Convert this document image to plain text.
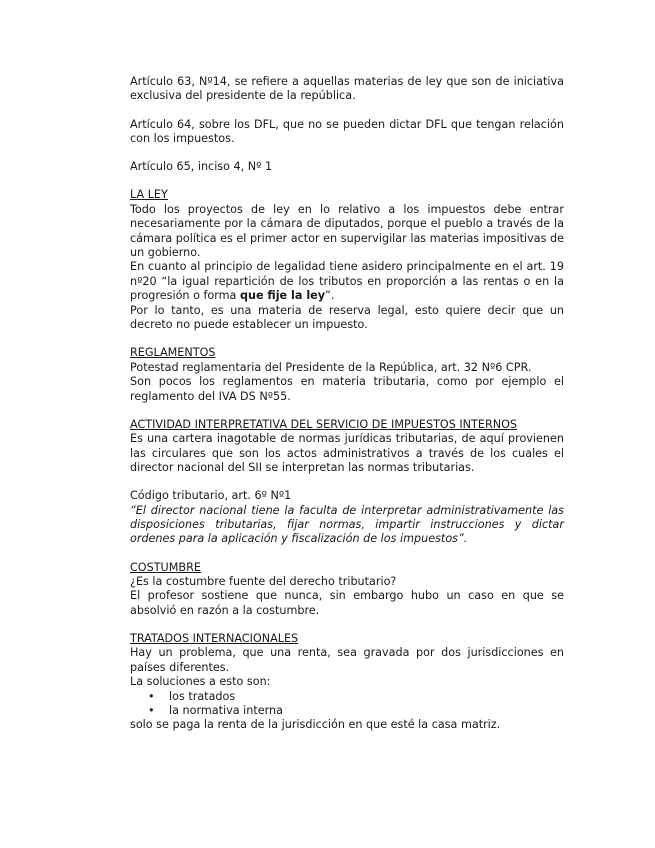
Artículo 63, Nº14, se refiere a aquellas materias de ley que son de iniciativa exclusiva del presidente de la república.

Artículo 64, sobre los DFL, que no se pueden dictar DFL que tengan relación con los impuestos.

Artículo 65, inciso 4, Nº 1

LA LEY

Todo los proyectos de ley en lo relativo a los impuestos debe entrar necesariamente por la cámara de diputados, porque el pueblo a través de la cámara política es el primer actor en supervigilar las materias impositivas de un gobierno.

En cuanto al principio de legalidad tiene asidero principalmente en el art. 19 nº20 “la igual repartición de los tributos en proporción a las rentas o en la progresión o forma que fije la ley”.

Por lo tanto, es una materia de reserva legal, esto quiere decir que un decreto no puede establecer un impuesto.

REGLAMENTOS

Potestad reglamentaria del Presidente de la República, art. 32 Nº6 CPR.

Son pocos los reglamentos en materia tributaria, como por ejemplo el reglamento del IVA DS Nº55.

ACTIVIDAD INTERPRETATIVA DEL SERVICIO DE IMPUESTOS INTERNOS

Es una cartera inagotable de normas jurídicas tributarias, de aquí provienen las circulares que son los actos administrativos a través de los cuales el director nacional del SII se interpretan las normas tributarias.

Código tributario, art. 6º Nº1

“El director nacional tiene la faculta de interpretar administrativamente las disposiciones tributarias, fijar normas, impartir instrucciones y dictar ordenes para la aplicación y fiscalización de los impuestos”.

COSTUMBRE

¿Es la costumbre fuente del derecho tributario?

El profesor sostiene que nunca, sin embargo hubo un caso en que se absolvió en razón a la costumbre.

TRATADOS INTERNACIONALES

Hay un problema, que una renta, sea gravada por dos jurisdicciones en países diferentes.

La soluciones a esto son:

• los tratados
• la normativa interna

solo se paga la renta de la jurisdicción en que esté la casa matriz.
